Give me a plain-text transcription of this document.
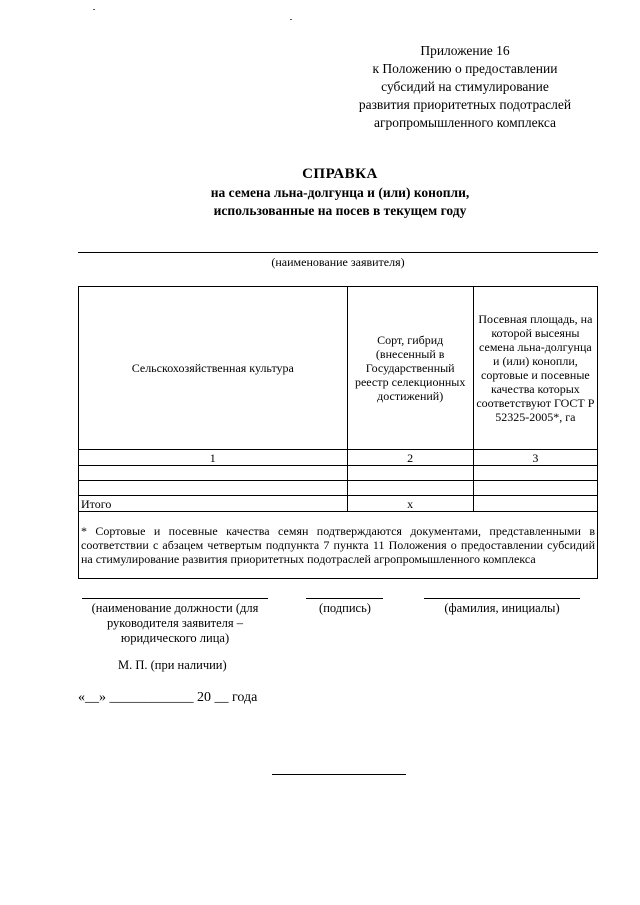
Приложение 16
к Положению о предоставлении
субсидий на стимулирование
развития приоритетных подотраслей
агропромышленного комплекса
СПРАВКА
на семена льна-долгунца и (или) конопли,
использованные на посев в текущем году
(наименование заявителя)
Сельскохозяйственная культура	Сорт, гибрид (внесенный в Государственный реестр селекционных достижений)	Посевная площадь, на которой высеяны семена льна-долгунца и (или) конопли, сортовые и посевные качества которых соответствуют ГОСТ Р 52325-2005*, га
1	2	3

Итого	x	
* Сортовые и посевные качества семян подтверждаются документами, представленными в соответствии с абзацем четвертым подпункта 7 пункта 11 Положения о предоставлении субсидий на стимулирование развития приоритетных подотраслей агропромышленного комплекса		
(наименование должности (для руководителя заявителя – юридического лица)
(подпись)	(фамилия, инициалы)
М. П. (при наличии)
«__» ____________ 20 __ года
